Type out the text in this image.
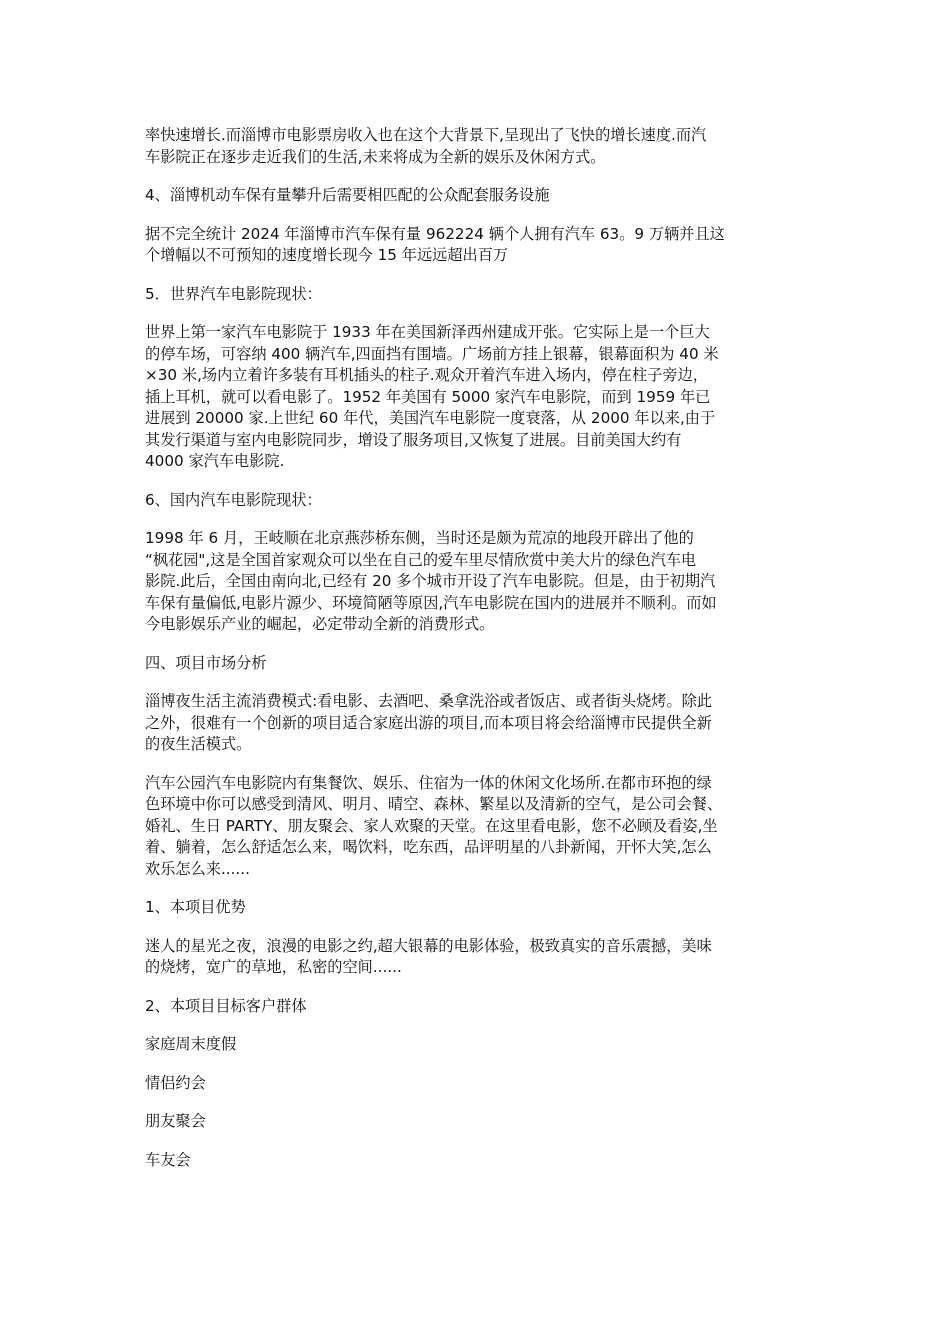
率快速增长.而淄博市电影票房收入也在这个大背景下,呈现出了飞快的增长速度.而汽
车影院正在逐步走近我们的生活,未来将成为全新的娱乐及休闲方式。

4、淄博机动车保有量攀升后需要相匹配的公众配套服务设施

据不完全统计 2024 年淄博市汽车保有量 962224 辆个人拥有汽车 63。9 万辆并且这
个增幅以不可预知的速度增长现今 15 年远远超出百万

5．世界汽车电影院现状：

世界上第一家汽车电影院于 1933 年在美国新泽西州建成开张。它实际上是一个巨大
的停车场，可容纳 400 辆汽车,四面挡有围墙。广场前方挂上银幕，银幕面积为 40 米
×30 米,场内立着许多装有耳机插头的柱子.观众开着汽车进入场内，停在柱子旁边，
插上耳机，就可以看电影了。1952 年美国有 5000 家汽车电影院，而到 1959 年已
进展到 20000 家.上世纪 60 年代，美国汽车电影院一度衰落，从 2000 年以来,由于
其发行渠道与室内电影院同步，增设了服务项目,又恢复了进展。目前美国大约有
4000 家汽车电影院.

6、国内汽车电影院现状：

1998 年 6 月，王岐顺在北京燕莎桥东侧，当时还是颇为荒凉的地段开辟出了他的
“枫花园",这是全国首家观众可以坐在自己的爱车里尽情欣赏中美大片的绿色汽车电
影院.此后，全国由南向北,已经有 20 多个城市开设了汽车电影院。但是，由于初期汽
车保有量偏低,电影片源少、环境简陋等原因,汽车电影院在国内的进展并不顺利。而如
今电影娱乐产业的崛起，必定带动全新的消费形式。

四、项目市场分析

淄博夜生活主流消费模式:看电影、去酒吧、桑拿洗浴或者饭店、或者街头烧烤。除此
之外，很难有一个创新的项目适合家庭出游的项目,而本项目将会给淄博市民提供全新
的夜生活模式。

汽车公园汽车电影院内有集餐饮、娱乐、住宿为一体的休闲文化场所.在都市环抱的绿
色环境中你可以感受到清风、明月、晴空、森林、繁星以及清新的空气，是公司会餐、
婚礼、生日 PARTY、朋友聚会、家人欢聚的天堂。在这里看电影，您不必顾及看姿,坐
着、躺着，怎么舒适怎么来，喝饮料，吃东西，品评明星的八卦新闻，开怀大笑,怎么
欢乐怎么来......

1、本项目优势

迷人的星光之夜，浪漫的电影之约,超大银幕的电影体验，极致真实的音乐震撼，美味
的烧烤，宽广的草地，私密的空间......

2、本项目目标客户群体

家庭周末度假

情侣约会

朋友聚会

车友会
